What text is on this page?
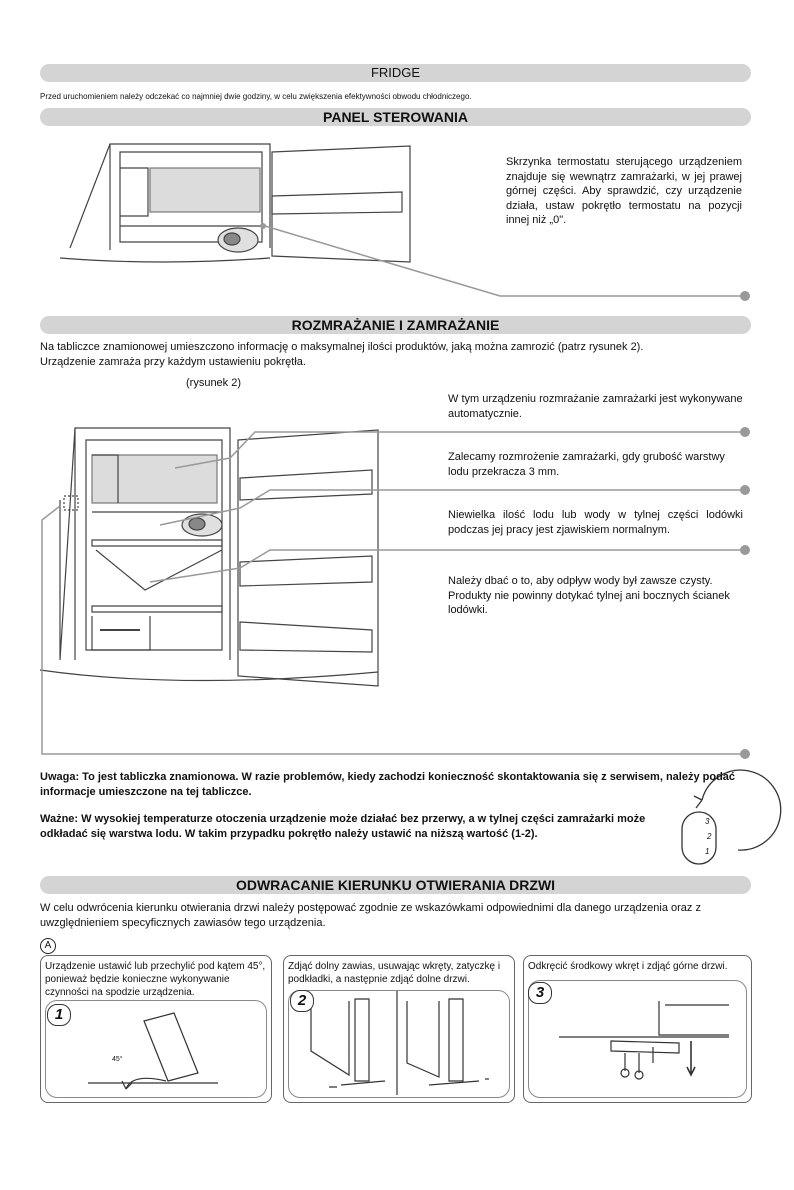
FRIDGE
Przed uruchomieniem należy odczekać co najmniej dwie godziny, w celu zwiększenia efektywności obwodu chłodniczego.
PANEL STEROWANIA
Skrzynka termostatu sterującego urządzeniem znajduje się wewnątrz zamrażarki, w jej prawej górnej części. Aby sprawdzić, czy urządzenie działa, ustaw pokrętło termostatu na pozycji innej niż „0".
ROZMRAŻANIE I ZAMRAŻANIE
Na tabliczce znamionowej umieszczono informację o maksymalnej ilości produktów, jaką można zamrozić (patrz rysunek 2).
Urządzenie zamraża przy każdym ustawieniu pokrętła.
(rysunek 2)
W tym urządzeniu rozmrażanie zamrażarki jest wykonywane automatycznie.
Zalecamy rozmrożenie zamrażarki, gdy grubość warstwy lodu przekracza 3 mm.
Niewielka ilość lodu lub wody w tylnej części lodówki podczas jej pracy jest zjawiskiem normalnym.
Należy dbać o to, aby odpływ wody był zawsze czysty. Produkty nie powinny dotykać tylnej ani bocznych ścianek lodówki.
Uwaga: To jest tabliczka znamionowa. W razie problemów, kiedy zachodzi konieczność skontaktowania się z serwisem, należy podać informacje umieszczone na tej tabliczce.
Ważne: W wysokiej temperaturze otoczenia urządzenie może działać bez przerwy, a w tylnej części zamrażarki może odkładać się warstwa lodu. W takim przypadku pokrętło należy ustawić na niższą wartość (1-2).
3
2
1
ODWRACANIE KIERUNKU OTWIERANIA DRZWI
W celu odwrócenia kierunku otwierania drzwi należy postępować zgodnie ze wskazówkami odpowiednimi dla danego urządzenia oraz z uwzględnieniem specyficznych zawiasów tego urządzenia.
A
Urządzenie ustawić lub przechylić pod kątem 45°, ponieważ będzie konieczne wykonywanie czynności na spodzie urządzenia.
45°
1
Zdjąć dolny zawias, usuwając wkręty, zatyczkę i podkładki, a następnie zdjąć dolne drzwi.
2
Odkręcić środkowy wkręt i zdjąć górne drzwi.
3
